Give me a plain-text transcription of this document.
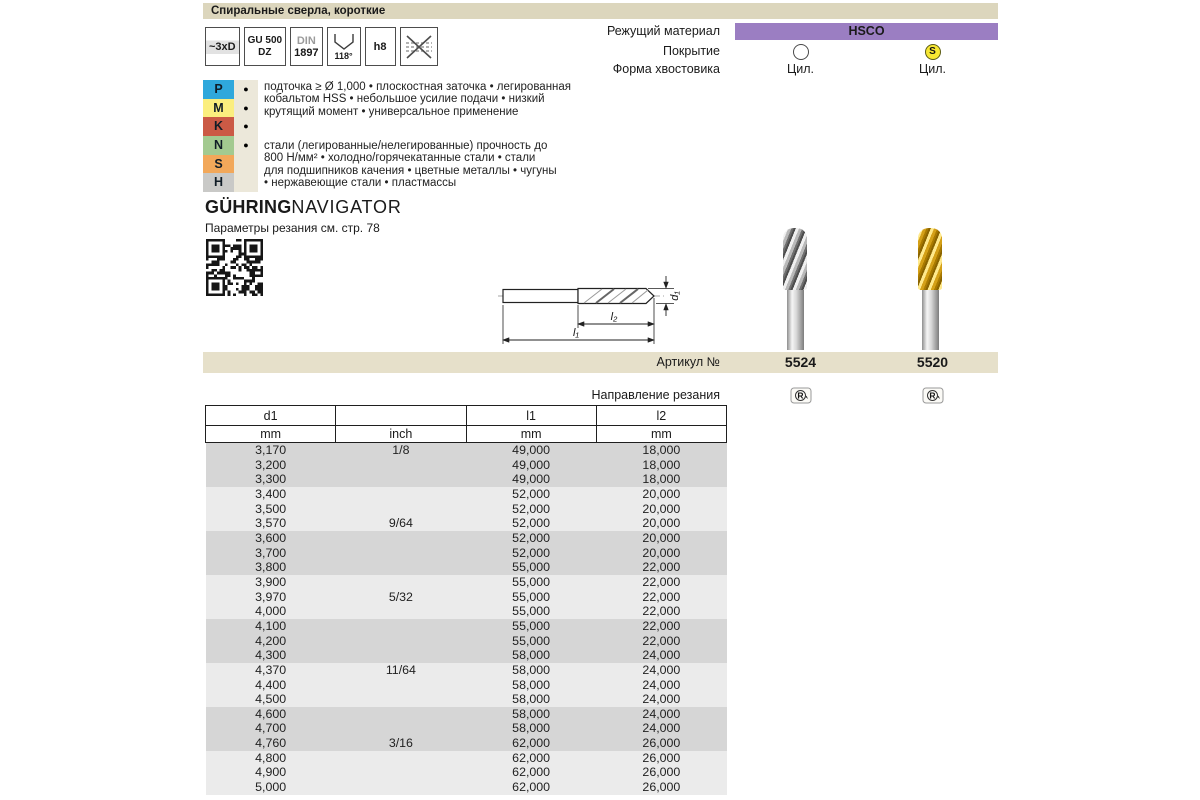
Спиральные сверла, короткие
~3xD
GU 500
DZ
DIN
1897 118°
h8
Режущий материал	HSCO
Покрытие	S
Форма хвостовика	Цил.	Цил.
P	●
M	●
K	●
N	●
S
H
подточка ≥ Ø 1,000 • плоскостная заточка • легированная
кобальтом HSS • небольшое усилие подачи • низкий
крутящий момент • универсальное применение
стали (легированные/нелегированные) прочность до
800 Н/мм² • холодно/горячекатанные стали • стали
для подшипников качения • цветные металлы • чугуны
• нержавеющие стали • пластмассы
GÜHRINGNAVIGATOR
Параметры резания см. стр. 78
d₁
l₂
l₁
Артикул №	5524	5520
Направление резания	R	R
d1		l1	l2
mm	inch	mm	mm
3,170	1/8	49,000	18,000
3,200		49,000	18,000
3,300		49,000	18,000
3,400		52,000	20,000
3,500		52,000	20,000
3,570	9/64	52,000	20,000
3,600		52,000	20,000
3,700		52,000	20,000
3,800		55,000	22,000
3,900		55,000	22,000
3,970	5/32	55,000	22,000
4,000		55,000	22,000
4,100		55,000	22,000
4,200		55,000	22,000
4,300		58,000	24,000
4,370	11/64	58,000	24,000
4,400		58,000	24,000
4,500		58,000	24,000
4,600		58,000	24,000
4,700		58,000	24,000
4,760	3/16	62,000	26,000
4,800		62,000	26,000
4,900		62,000	26,000
5,000		62,000	26,000
